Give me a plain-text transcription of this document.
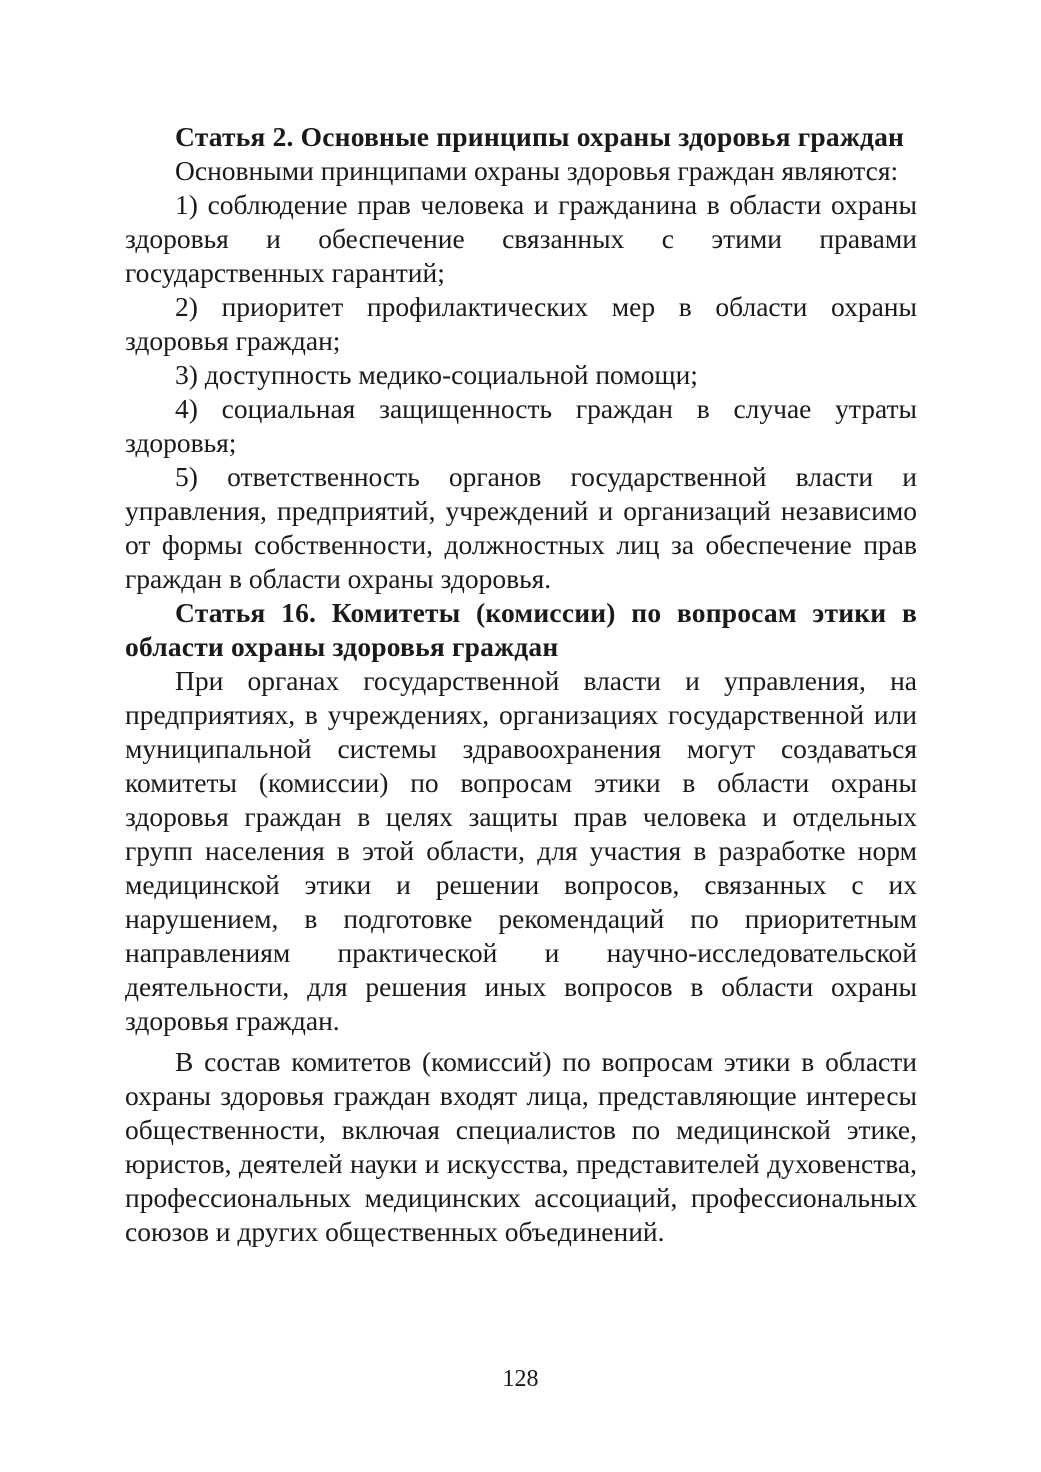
Статья 2. Основные принципы охраны здоровья граждан

Основными принципами охраны здоровья граждан являются:

1) соблюдение прав человека и гражданина в области охраны здоровья и обеспечение связанных с этими правами государственных гарантий;

2) приоритет профилактических мер в области охраны здоровья граждан;

3) доступность медико-социальной помощи;

4) социальная защищенность граждан в случае утраты здоровья;

5) ответственность органов государственной власти и управления, предприятий, учреждений и организаций независимо от формы собственности, должностных лиц за обеспечение прав граждан в области охраны здоровья.

Статья 16. Комитеты (комиссии) по вопросам этики в области охраны здоровья граждан

При органах государственной власти и управления, на предприятиях, в учреждениях, организациях государственной или муниципальной системы здравоохранения могут создаваться комитеты (комиссии) по вопросам этики в области охраны здоровья граждан в целях защиты прав человека и отдельных групп населения в этой области, для участия в разработке норм медицинской этики и решении вопросов, связанных с их нарушением, в подготовке рекомендаций по приоритетным направлениям практической и научно-исследовательской деятельности, для решения иных вопросов в области охраны здоровья граждан.

В состав комитетов (комиссий) по вопросам этики в области охраны здоровья граждан входят лица, представляющие интересы общественности, включая специалистов по медицинской этике, юристов, деятелей науки и искусства, представителей духовенства, профессиональных медицинских ассоциаций, профессиональных союзов и других общественных объединений.

128
